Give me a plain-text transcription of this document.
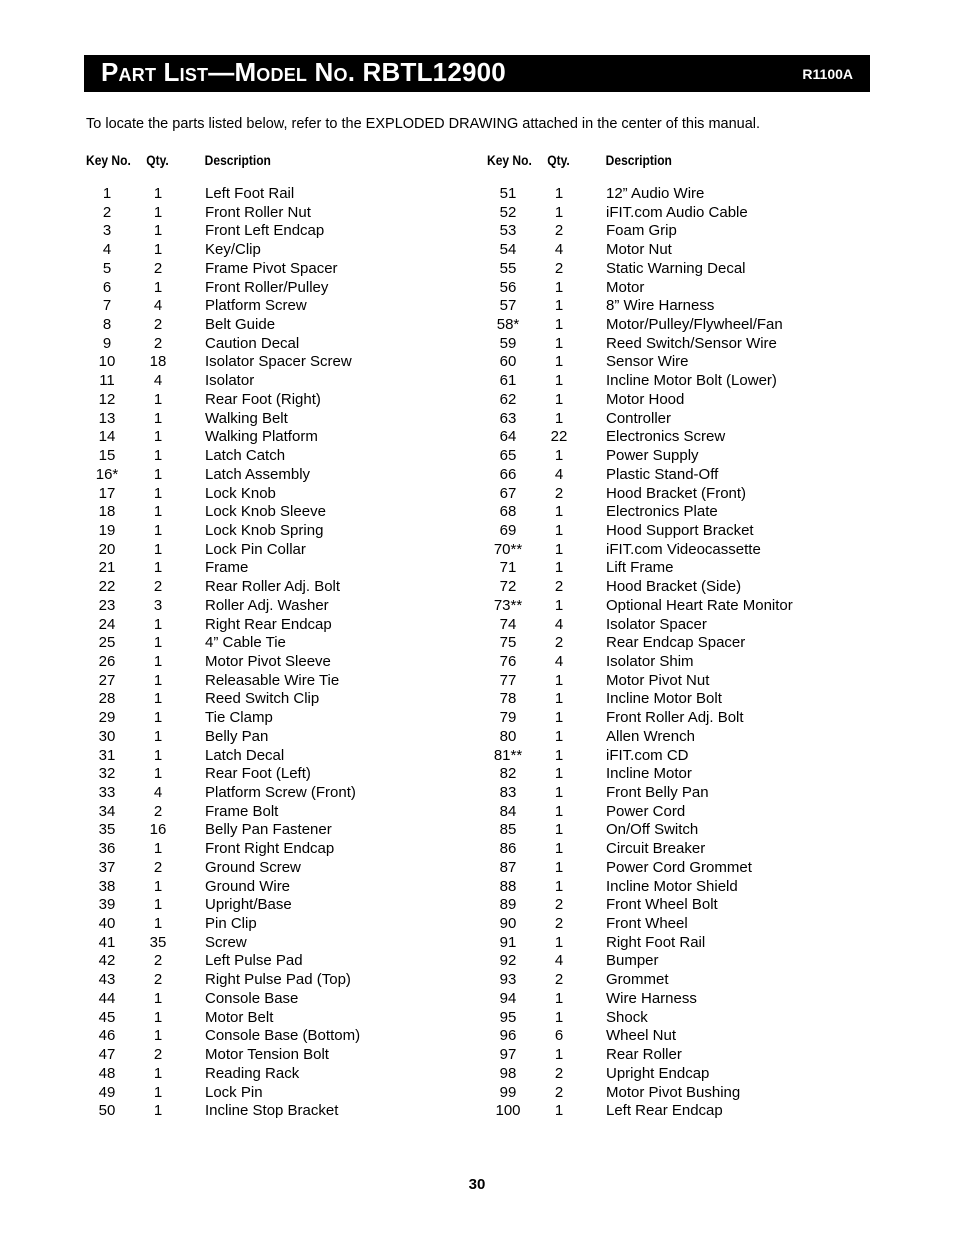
Part List—Model No. RBTL12900	R1100A
To locate the parts listed below, refer to the EXPLODED DRAWING attached in the center of this manual.
Key No. Qty.	Description
1	1	Left Foot Rail
2	1	Front Roller Nut
3	1	Front Left Endcap
4	1	Key/Clip
5	2	Frame Pivot Spacer
6	1	Front Roller/Pulley
7	4	Platform Screw
8	2	Belt Guide
9	2	Caution Decal
10	18	Isolator Spacer Screw
11	4	Isolator
12	1	Rear Foot (Right)
13	1	Walking Belt
14	1	Walking Platform
15	1	Latch Catch
16*	1	Latch Assembly
17	1	Lock Knob
18	1	Lock Knob Sleeve
19	1	Lock Knob Spring
20	1	Lock Pin Collar
21	1	Frame
22	2	Rear Roller Adj. Bolt
23	3	Roller Adj. Washer
24	1	Right Rear Endcap
25	1	4” Cable Tie
26	1	Motor Pivot Sleeve
27	1	Releasable Wire Tie
28	1	Reed Switch Clip
29	1	Tie Clamp
30	1	Belly Pan
31	1	Latch Decal
32	1	Rear Foot (Left)
33	4	Platform Screw (Front)
34	2	Frame Bolt
35	16	Belly Pan Fastener
36	1	Front Right Endcap
37	2	Ground Screw
38	1	Ground Wire
39	1	Upright/Base
40	1	Pin Clip
41	35	Screw
42	2	Left Pulse Pad
43	2	Right Pulse Pad (Top)
44	1	Console Base
45	1	Motor Belt
46	1	Console Base (Bottom)
47	2	Motor Tension Bolt
48	1	Reading Rack
49	1	Lock Pin
50	1	Incline Stop Bracket
Key No. Qty.	Description
51	1	12” Audio Wire
52	1	iFIT.com Audio Cable
53	2	Foam Grip
54	4	Motor Nut
55	2	Static Warning Decal
56	1	Motor
57	1	8” Wire Harness
58*	1	Motor/Pulley/Flywheel/Fan
59	1	Reed Switch/Sensor Wire
60	1	Sensor Wire
61	1	Incline Motor Bolt (Lower)
62	1	Motor Hood
63	1	Controller
64	22	Electronics Screw
65	1	Power Supply
66	4	Plastic Stand-Off
67	2	Hood Bracket (Front)
68	1	Electronics Plate
69	1	Hood Support Bracket
70**	1	iFIT.com Videocassette
71	1	Lift Frame
72	2	Hood Bracket (Side)
73**	1	Optional Heart Rate Monitor
74	4	Isolator Spacer
75	2	Rear Endcap Spacer
76	4	Isolator Shim
77	1	Motor Pivot Nut
78	1	Incline Motor Bolt
79	1	Front Roller Adj. Bolt
80	1	Allen Wrench
81**	1	iFIT.com CD
82	1	Incline Motor
83	1	Front Belly Pan
84	1	Power Cord
85	1	On/Off Switch
86	1	Circuit Breaker
87	1	Power Cord Grommet
88	1	Incline Motor Shield
89	2	Front Wheel Bolt
90	2	Front Wheel
91	1	Right Foot Rail
92	4	Bumper
93	2	Grommet
94	1	Wire Harness
95	1	Shock
96	6	Wheel Nut
97	1	Rear Roller
98	2	Upright Endcap
99	2	Motor Pivot Bushing
100	1	Left Rear Endcap
30
